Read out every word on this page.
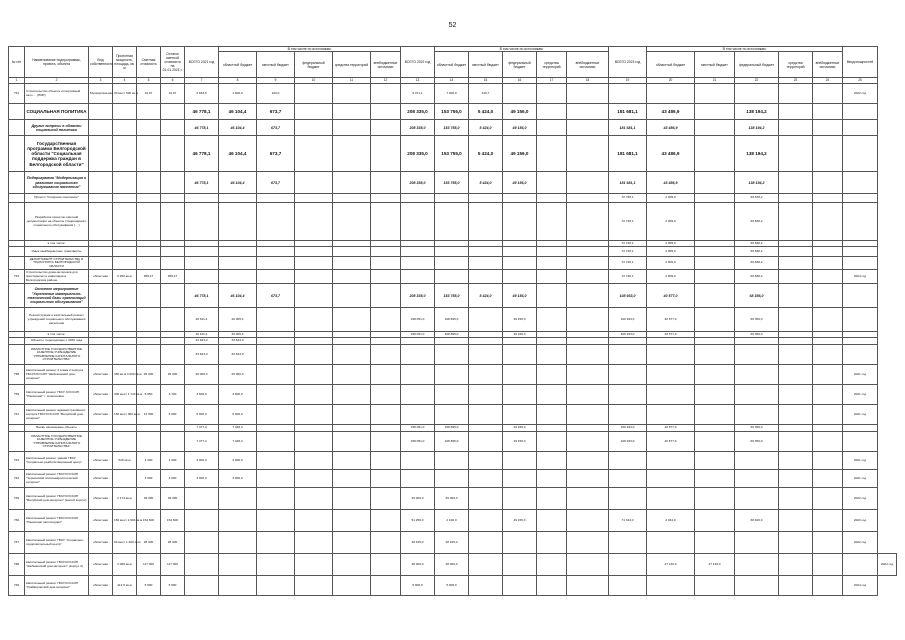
52
№ п/п	Наименование подпрограммы, проекта, объекта	Вид собственности	Проектная мощность, площадь, кв. м	Сметная стоимость	Остаток сметной стоимости на 01.01.2021 г.	ВСЕГО 2021 год	В том числе по источникам:					ВСЕГО 2022 год	В том числе по источникам:					ВСЕГО 2023 год	В том числе по источникам:					Ввод мощностей	
							областной бюджет	местный бюджет	федеральный бюджет	средства территорий	внебюджетные источники		областной бюджет	местный бюджет	федеральный бюджет	средства территорий	внебюджетные источники		областной бюджет	местный бюджет	федеральный бюджет	средства территорий	внебюджетные источники		
1	2	3	4	5	6	7	8	9	10	11	12	13	14	15	16	17	18	19	20	21	22	23	24	25	
751	Строительство объекта «Спортивный зал» ... (ПИР)	Муниципальная	30 мест 500 кв.м	10,07	10,07	2 653,0	1 600,0	100,0				9 371,1	7 000,0	310,7										2022 год	
	СОЦИАЛЬНАЯ ПОЛИТИКА					46 778,1	46 104,4	673,7				208 335,0	153 755,0	5 424,0	49 156,0			181 681,1	43 486,9		138 194,2				
	Другие вопросы в области социальной политики					46 778,1	46 104,4	673,7				208 335,0	153 755,0	5 424,0	49 156,0			181 681,1	43 486,9		138 194,2				
	Государственная программа Белгородской области "Социальная поддержка граждан в Белгородской области"					46 778,1	46 104,4	673,7				208 335,0	153 755,0	5 424,0	49 156,0			181 681,1	43 486,9		138 194,2				
	Подпрограмма "Модернизация и развитие социального обслуживания населения"					46 778,1	46 104,4	673,7				208 335,0	153 755,0	5 424,0	49 156,0			181 681,1	43 486,9		138 194,2				
	Проект "Старшее поколение"																	72 748,1	2 909,9		69 838,2				
	Разработка проектно-сметной документации на объекты стационарного социального обслуживания (... )																	72 748,1	2 909,9		69 838,2				
	в том числе:																	72 748,1	2 909,9		69 838,2				
	Иные межбюджетные трансферты																	72 748,1	2 909,9		69 838,2				
	ДЕПАРТАМЕНТ СТРОИТЕЛЬСТВА И ТРАНСПОРТА БЕЛГОРОДСКОЙ ОБЛАСТИ																	72 748,1	2 909,9		69 838,2				
754	Строительство дома-интерната для престарелых и инвалидов в Белгородском районе	областная	6 250 кв.м	950,47	950,47													72 748,1	2 909,9		69 838,2			2024 год	
	Основное мероприятие "Укрепление материально-технической базы организаций социального обслуживания"					46 778,1	46 104,4	673,7				208 335,0	153 755,0	5 424,0	49 156,0			108 933,0	40 577,0		68 356,0				
	Реконструкция и капитальный ремонт учреждений социального обслуживания населения					40 611,4	40 005,4					158 051,0	108 895,0		49 156,0			106 933,0	40 577,0		66 356,0				
	в том числе:					40 611,4	40 005,4					158 051,0	108 895,0		49 156,0			106 933,0	40 577,0		66 356,0				
	Объекты, переходящие с 2020 года					33 623,0	33 623,0																		
	ОБЛАСТНОЕ ГОСУДАРСТВЕННОЕ КАЗЕННОЕ УЧРЕЖДЕНИЕ "УПРАВЛЕНИЕ КАПИТАЛЬНОГО СТРОИТЕЛЬСТВА"					33 623,0	33 623,0																		
758	Капитальный ремонт 3 этажа 2 корпуса ГБСУСОССЗН "Шебекинский дом-интернат"	областная	450 кв.м 4 000 кв.м	25 000	25 000	25 000,0	25 000,0																	2021 год	
759	Капитальный ремонт ГБСУ СОССЗН "Пансионат" г. Алексеевка	областная	300 мест 1 743 кв.м	5 050	3 700	3 600,0	3 600,0																	2021 год	
761	Капитальный ремонт административного корпуса ГБСУСОССЗН "Валуйский дом-интернат"	областная	150 мест 300 кв.м	12 500	5 000	5 000,0	5 000,0																	2021 год	
	Вновь начинаемые объекты					7 477,4	7 448,4					158 051,0	108 895,0		49 156,0			106 933,0	40 577,0		66 356,0				
	ОБЛАСТНОЕ ГОСУДАРСТВЕННОЕ КАЗЕННОЕ УЧРЕЖДЕНИЕ "УПРАВЛЕНИЕ КАПИТАЛЬНОГО СТРОИТЕЛЬСТВА"					7 477,4	7 448,4					158 051,0	108 895,0		49 156,0			106 933,0	40 577,0		66 356,0				
763	Капитальный ремонт здания ГБСУ "Социально-реабилитационный центр"	областная	520 кв.м	4 200	4 000	4 000,0	4 000,0																	2021 год	
764	Капитальный ремонт ГБСУСОССЗН "Чернянский психоневрологический интернат"	областная		3 500	3 000	3 000,0	3 000,0																	2021 год	
765	Капитальный ремонт ГБСУСОССЗН "Валуйский дом-интернат" (жилой корпус)	областная	2 174 кв.м	35 000	35 000							35 000,0	35 000,0											2022 год	
766	Капитальный ремонт ГБСУСОССЗН "Пансионат милосердия"	областная	150 мест 1 904 кв.м	152 600	152 600							51 256,0	2 100,0		49 156,0			71 344,0	2 944,0		68 400,0			2023 год	
767	Капитальный ремонт ГБСУ "Социально-оздоровительный центр"	областная	60 мест 1 200 кв.м	28 000	28 000							28 425,0	28 425,0											2022 год	
768	Капитальный ремонт ГБСУСОССЗН "Шебекинский дом-интернат" (корпус 2)	областная	2 068 кв.м	117 000	117 000							28 000,0	28 000,0						27 130,0	27 130,0					2024 год
769	Капитальный ремонт ГБСУСОССЗН "Грайворонский дом-интернат"	областная	412,5 кв.м	5 500	5 500							5 000,0	5 000,0											2024 год	
